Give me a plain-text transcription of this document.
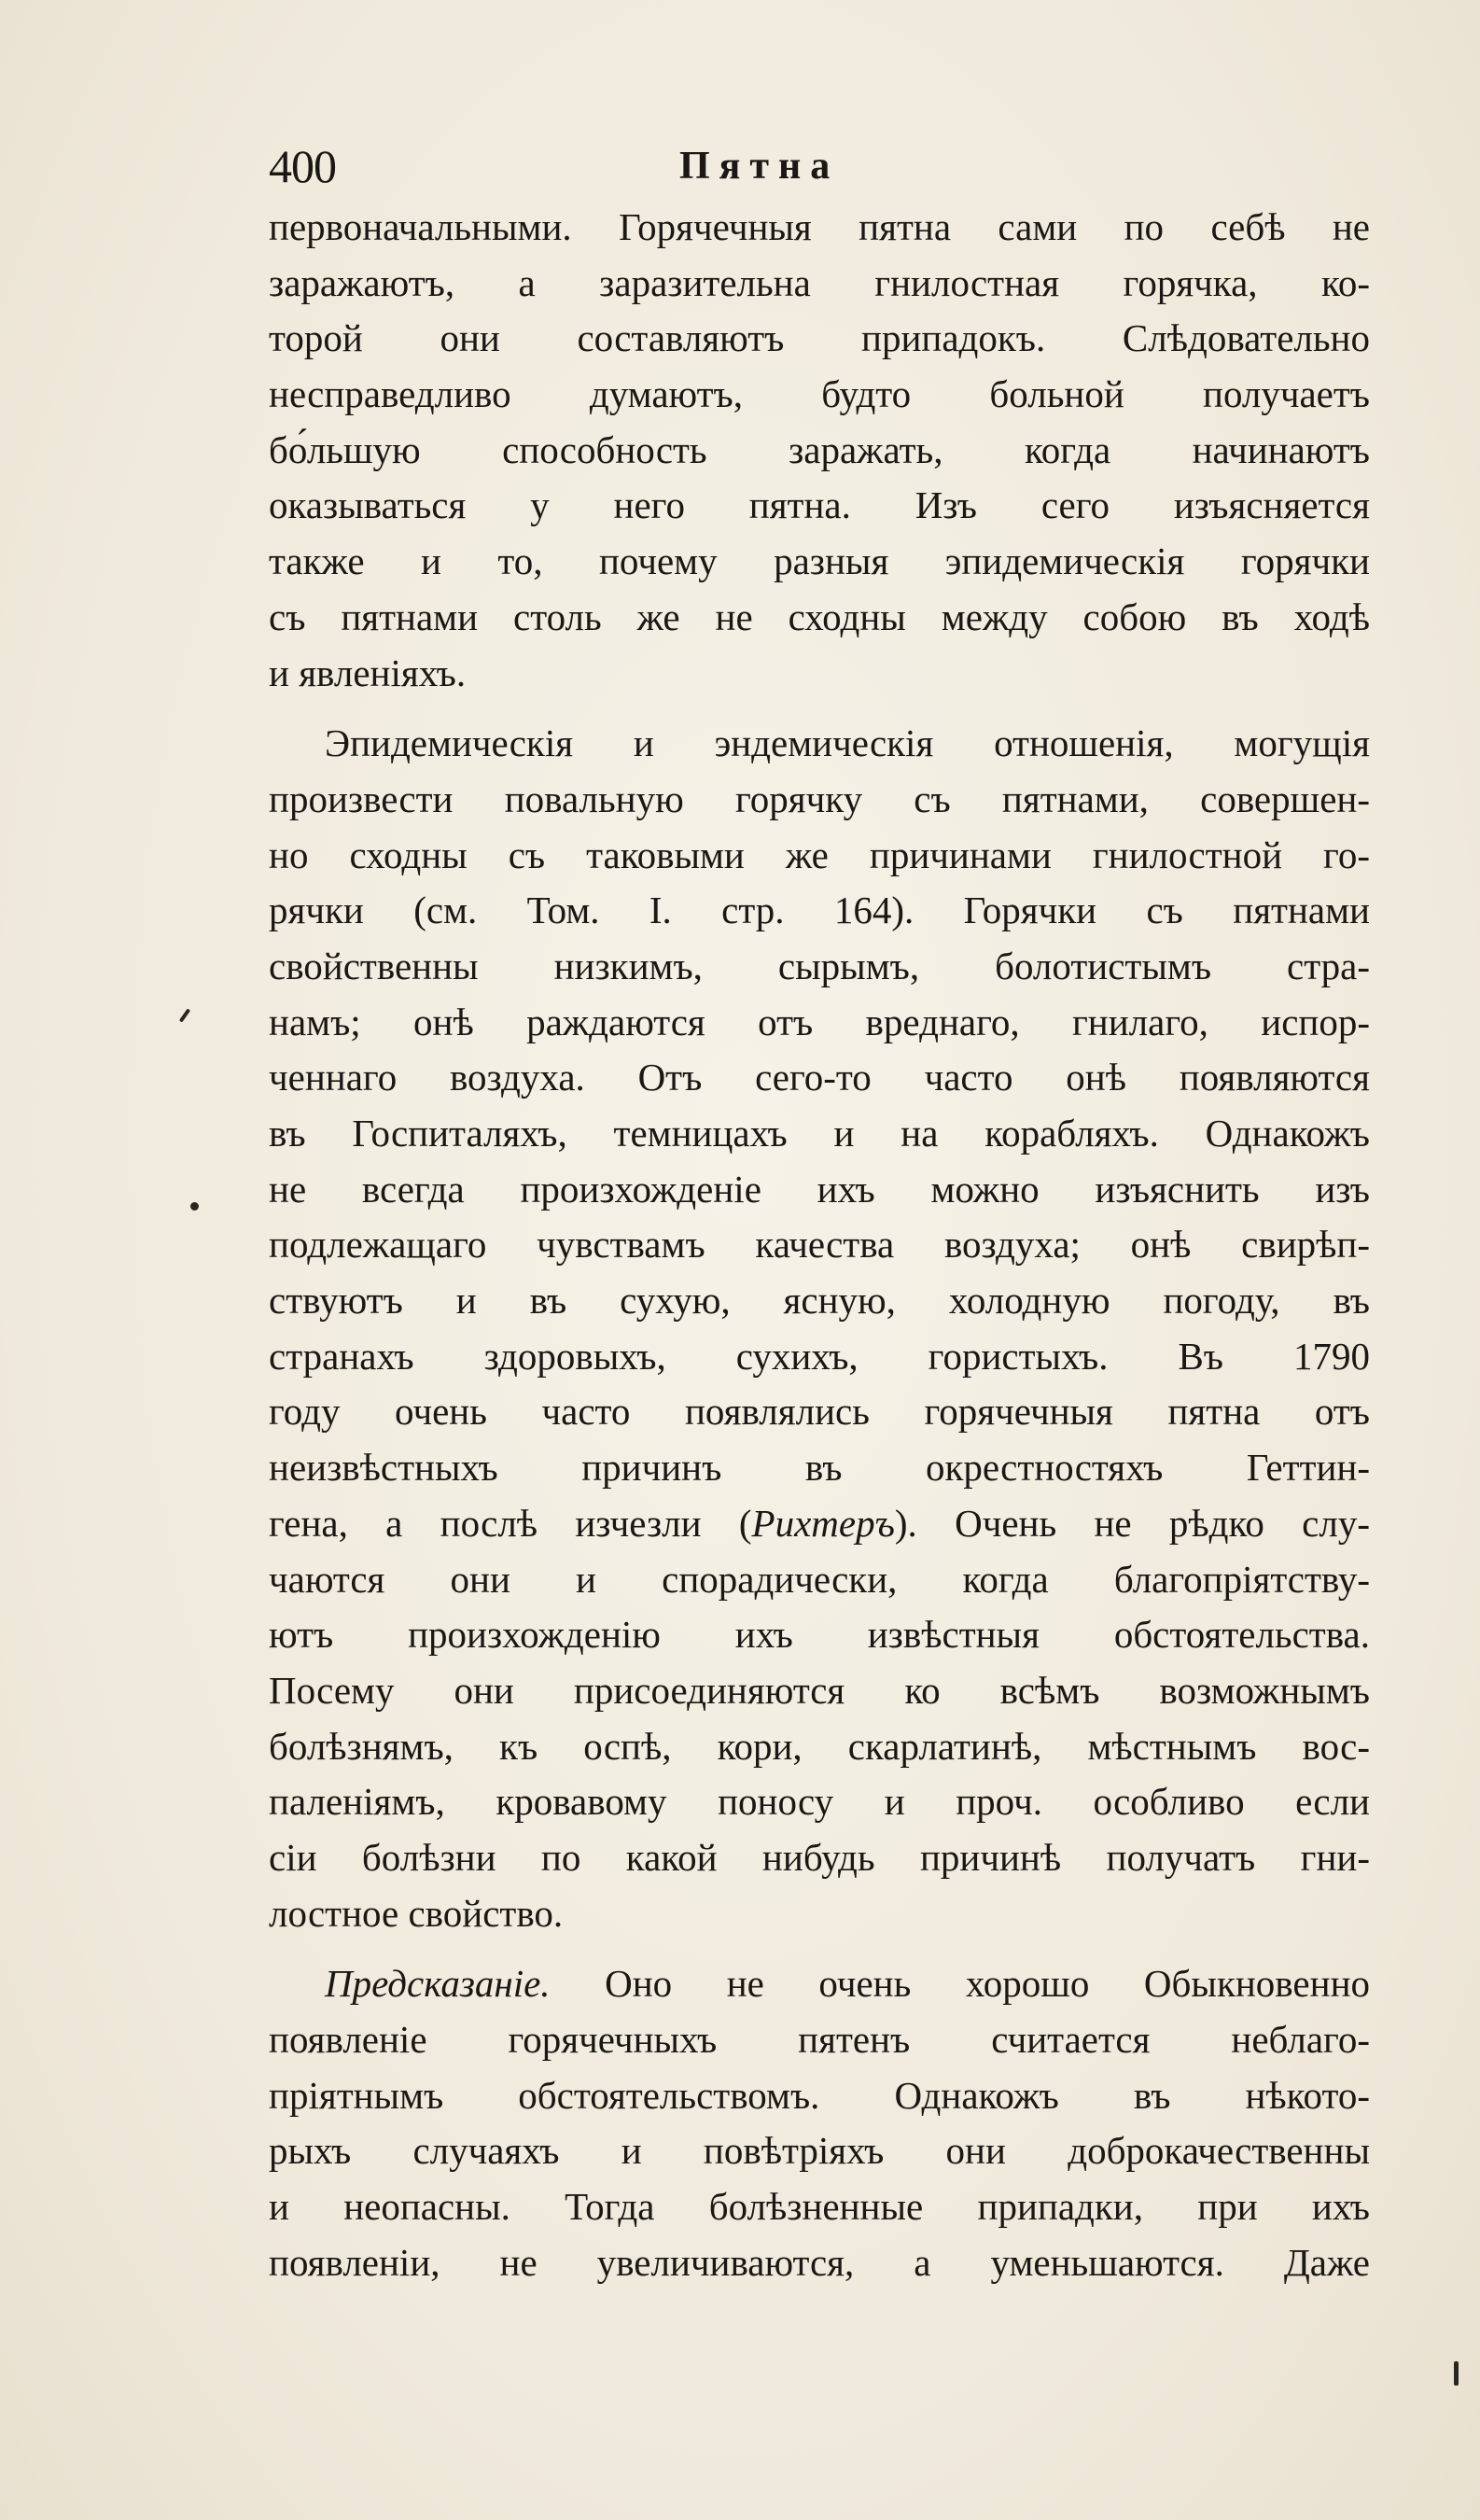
400	Пятна
первоначальными. Горячечныя пятна сами по себѣ не
заражаютъ, а заразительна гнилостная горячка, ко-
торой они составляютъ припадокъ. Слѣдовательно
несправедливо думаютъ, будто больной получаетъ
бо́льшую способность заражать, когда начинаютъ
оказываться у него пятна. Изъ сего изъясняется
также и то, почему разныя эпидемическія горячки
съ пятнами столь же не сходны между собою въ ходѣ
и явленіяхъ.
Эпидемическія и эндемическія отношенія, могущія
произвести повальную горячку съ пятнами, совершен-
но сходны съ таковыми же причинами гнилостной го-
рячки (см. Том. I. стр. 164). Горячки съ пятнами
свойственны низкимъ, сырымъ, болотистымъ стра-
намъ; онѣ раждаются отъ вреднаго, гнилаго, испор-
ченнаго воздуха. Отъ сего-то часто онѣ появляются
въ Госпиталяхъ, темницахъ и на корабляхъ. Однакожъ
не всегда произхожденіе ихъ можно изъяснить изъ
подлежащаго чувствамъ качества воздуха; онѣ свирѣп-
ствуютъ и въ сухую, ясную, холодную погоду, въ
странахъ здоровыхъ, сухихъ, гористыхъ. Въ 1790
году очень часто появлялись горячечныя пятна отъ
неизвѣстныхъ причинъ въ окрестностяхъ Геттин-
гена, а послѣ изчезли (Рихтеръ). Очень не рѣдко слу-
чаются они и спорадически, когда благопріятству-
ютъ произхожденію ихъ извѣстныя обстоятельства.
Посему они присоединяются ко всѣмъ возможнымъ
болѣзнямъ, къ оспѣ, кори, скарлатинѣ, мѣстнымъ вос-
паленіямъ, кровавому поносу и проч. особливо если
сіи болѣзни по какой нибудь причинѣ получатъ гни-
лостное свойство.
Предсказаніе. Оно не очень хорошо Обыкновенно
появленіе горячечныхъ пятенъ считается неблаго-
пріятнымъ обстоятельствомъ. Однакожъ въ нѣкото-
рыхъ случаяхъ и повѣтріяхъ они доброкачественны
и неопасны. Тогда болѣзненные припадки, при ихъ
появленіи, не увеличиваются, а уменьшаются. Даже
